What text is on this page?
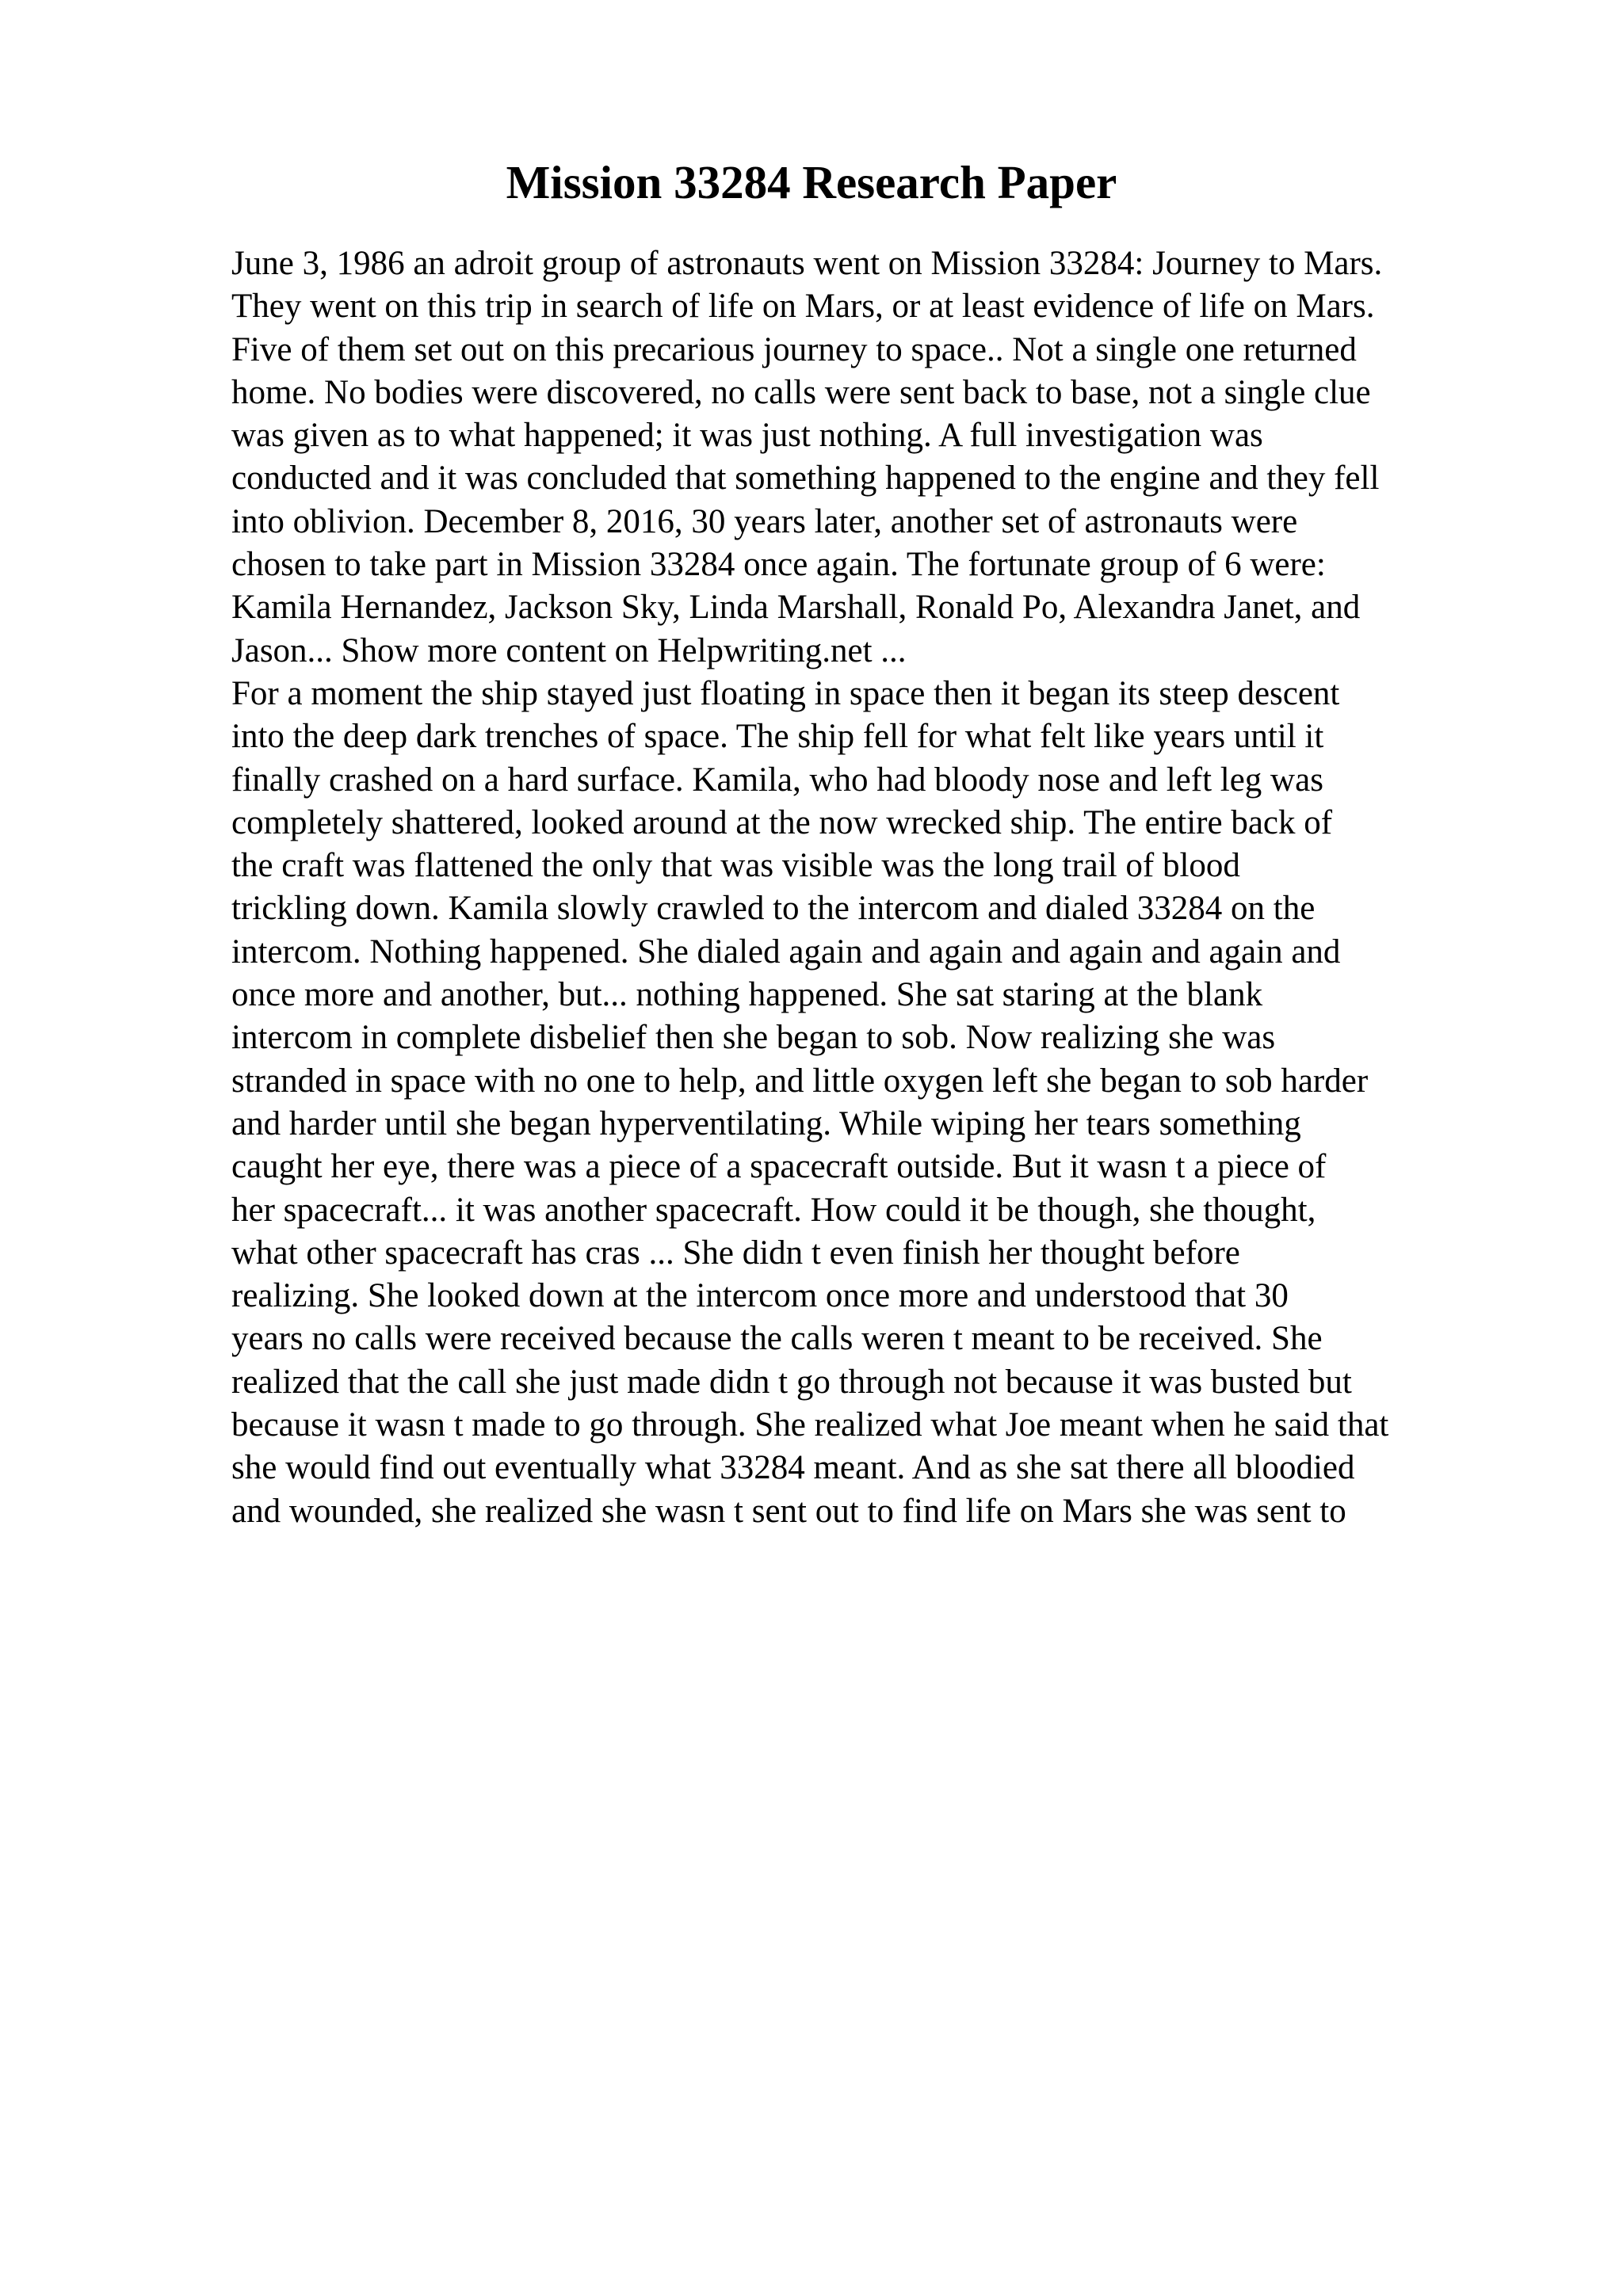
Mission 33284 Research Paper
June 3, 1986 an adroit group of astronauts went on Mission 33284: Journey to Mars.
They went on this trip in search of life on Mars, or at least evidence of life on Mars.
Five of them set out on this precarious journey to space.. Not a single one returned
home. No bodies were discovered, no calls were sent back to base, not a single clue
was given as to what happened; it was just nothing. A full investigation was
conducted and it was concluded that something happened to the engine and they fell
into oblivion. December 8, 2016, 30 years later, another set of astronauts were
chosen to take part in Mission 33284 once again. The fortunate group of 6 were:
Kamila Hernandez, Jackson Sky, Linda Marshall, Ronald Po, Alexandra Janet, and
Jason... Show more content on Helpwriting.net ...
For a moment the ship stayed just floating in space then it began its steep descent
into the deep dark trenches of space. The ship fell for what felt like years until it
finally crashed on a hard surface. Kamila, who had bloody nose and left leg was
completely shattered, looked around at the now wrecked ship. The entire back of
the craft was flattened the only that was visible was the long trail of blood
trickling down. Kamila slowly crawled to the intercom and dialed 33284 on the
intercom. Nothing happened. She dialed again and again and again and again and
once more and another, but... nothing happened. She sat staring at the blank
intercom in complete disbelief then she began to sob. Now realizing she was
stranded in space with no one to help, and little oxygen left she began to sob harder
and harder until she began hyperventilating. While wiping her tears something
caught her eye, there was a piece of a spacecraft outside. But it wasn t a piece of
her spacecraft... it was another spacecraft. How could it be though, she thought,
what other spacecraft has cras ... She didn t even finish her thought before
realizing. She looked down at the intercom once more and understood that 30
years no calls were received because the calls weren t meant to be received. She
realized that the call she just made didn t go through not because it was busted but
because it wasn t made to go through. She realized what Joe meant when he said that
she would find out eventually what 33284 meant. And as she sat there all bloodied
and wounded, she realized she wasn t sent out to find life on Mars she was sent to
